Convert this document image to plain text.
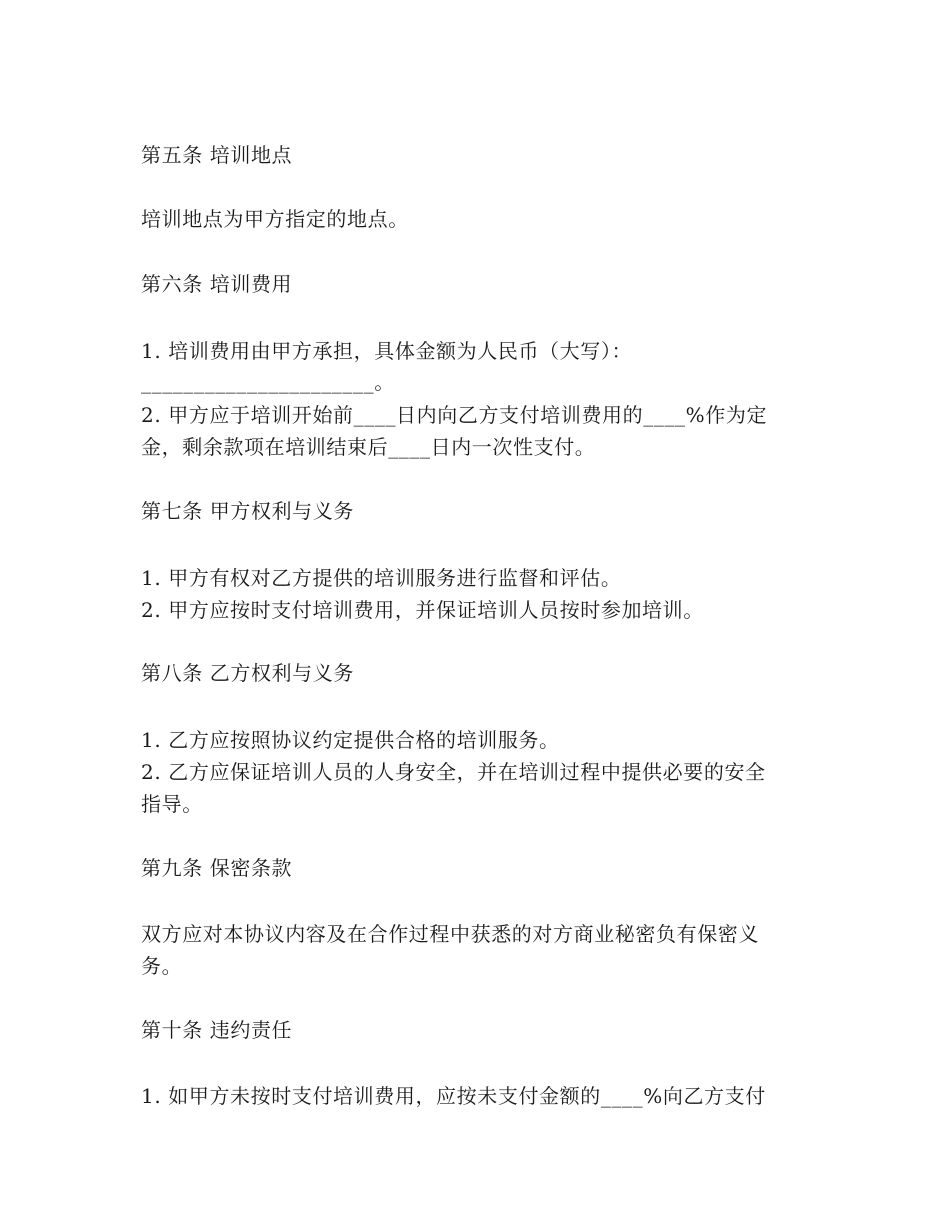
第五条 培训地点
培训地点为甲方指定的地点。
第六条 培训费用
1. 培训费用由甲方承担，具体金额为人民币（大写）：
______________________。
2. 甲方应于培训开始前____日内向乙方支付培训费用的____%作为定
金，剩余款项在培训结束后____日内一次性支付。
第七条 甲方权利与义务
1. 甲方有权对乙方提供的培训服务进行监督和评估。
2. 甲方应按时支付培训费用，并保证培训人员按时参加培训。
第八条 乙方权利与义务
1. 乙方应按照协议约定提供合格的培训服务。
2. 乙方应保证培训人员的人身安全，并在培训过程中提供必要的安全
指导。
第九条 保密条款
双方应对本协议内容及在合作过程中获悉的对方商业秘密负有保密义
务。
第十条 违约责任
1. 如甲方未按时支付培训费用，应按未支付金额的____%向乙方支付
